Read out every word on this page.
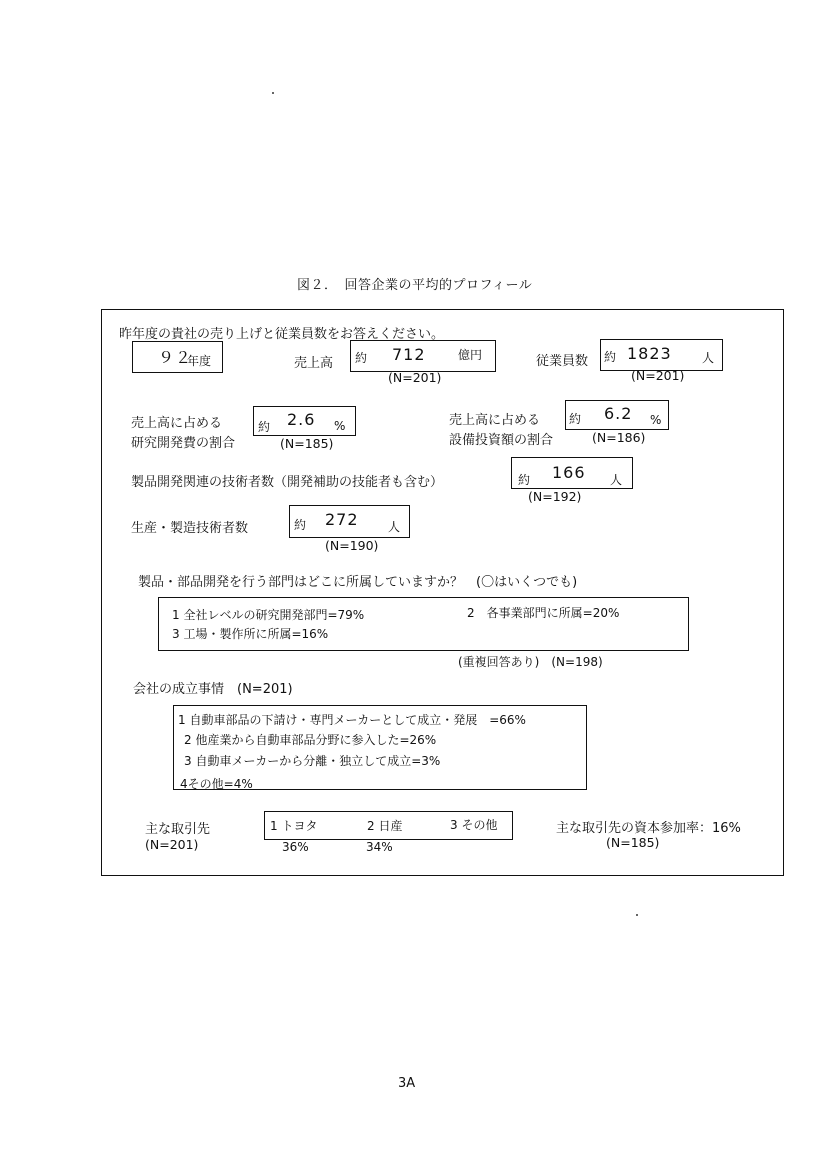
図２．　回答企業の平均的プロフィール
昨年度の貴社の売り上げと従業員数をお答えください。
９２
年度	売上高 約 712	億円
(N=201)
従業員数 約 1823	人
(N=201)
売上高に占める
研究開発費の割合
約 2.6 %
(N=185)
売上高に占める
設備投資額の割合
約 6.2 %
(N=186)
製品開発関連の技術者数（開発補助の技能者も含む）	約 166 人
(N=192)
生産・製造技術者数	約 272 人
(N=190)
製品・部品開発を行う部門はどこに所属していますか？　(〇はいくつでも)
1 全社レベルの研究開発部門=79%	2　各事業部門に所属=20%
3 工場・製作所に所属=16%
(重複回答あり)　(N=198)
会社の成立事情　(N=201)
1 自動車部品の下請け・専門メーカーとして成立・発展　=66%
2 他産業から自動車部品分野に参入した=26%
3 自動車メーカーから分離・独立して成立=3%
4その他=4%
主な取引先
(N=201)
1 トヨタ	2 日産	3 その他
36%	34%
主な取引先の資本参加率：16%
(N=185)
3A
